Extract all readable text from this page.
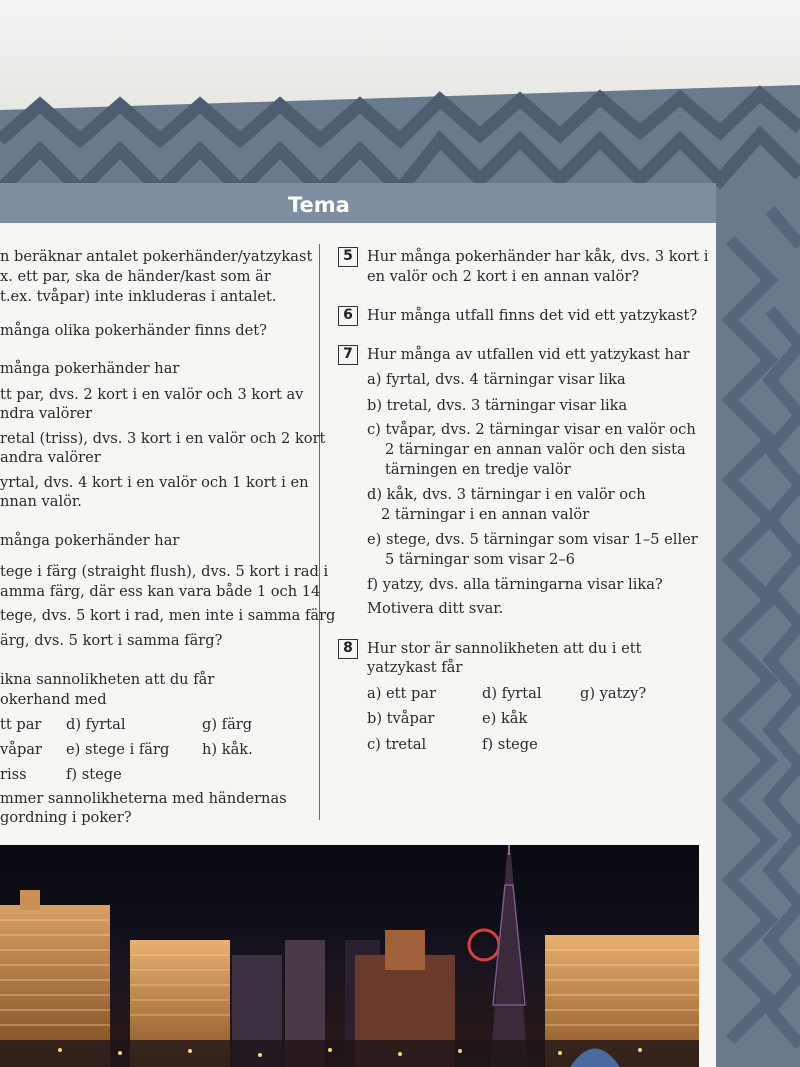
Tema
n beräknar antalet pokerhänder/yatzykast
x. ett par, ska de händer/kast som är
t.ex. tvåpar) inte inkluderas i antalet.
många olika pokerhänder finns det?
många pokerhänder har
tt par, dvs. 2 kort i en valör och 3 kort av
ndra valörer
retal (triss), dvs. 3 kort i en valör och 2 kort
andra valörer
yrtal, dvs. 4 kort i en valör och 1 kort i en
nnan valör.
många pokerhänder har
tege i färg (straight flush), dvs. 5 kort i rad i
amma färg, där ess kan vara både 1 och 14
tege, dvs. 5 kort i rad, men inte i samma färg
ärg, dvs. 5 kort i samma färg?
ikna sannolikheten att du får
okerhand med
tt par d) fyrtal	g) färg
våpar e) stege i färg h) kåk.
riss	f) stege
mmer sannolikheterna med händernas
gordning i poker?
5 Hur många pokerhänder har kåk, dvs. 3 kort i
en valör och 2 kort i en annan valör?
6 Hur många utfall finns det vid ett yatzykast?
7 Hur många av utfallen vid ett yatzykast har
a) fyrtal, dvs. 4 tärningar visar lika
b) tretal, dvs. 3 tärningar visar lika
c) tvåpar, dvs. 2 tärningar visar en valör och
2 tärningar en annan valör och den sista
tärningen en tredje valör
d) kåk, dvs. 3 tärningar i en valör och
2 tärningar i en annan valör
e) stege, dvs. 5 tärningar som visar 1–5 eller
5 tärningar som visar 2–6
f) yatzy, dvs. alla tärningarna visar lika?
Motivera ditt svar.
8 Hur stor är sannolikheten att du i ett
yatzykast får
a) ett par	d) fyrtal	g) yatzy?
b) tvåpar	e) kåk
c) tretal	f) stege
